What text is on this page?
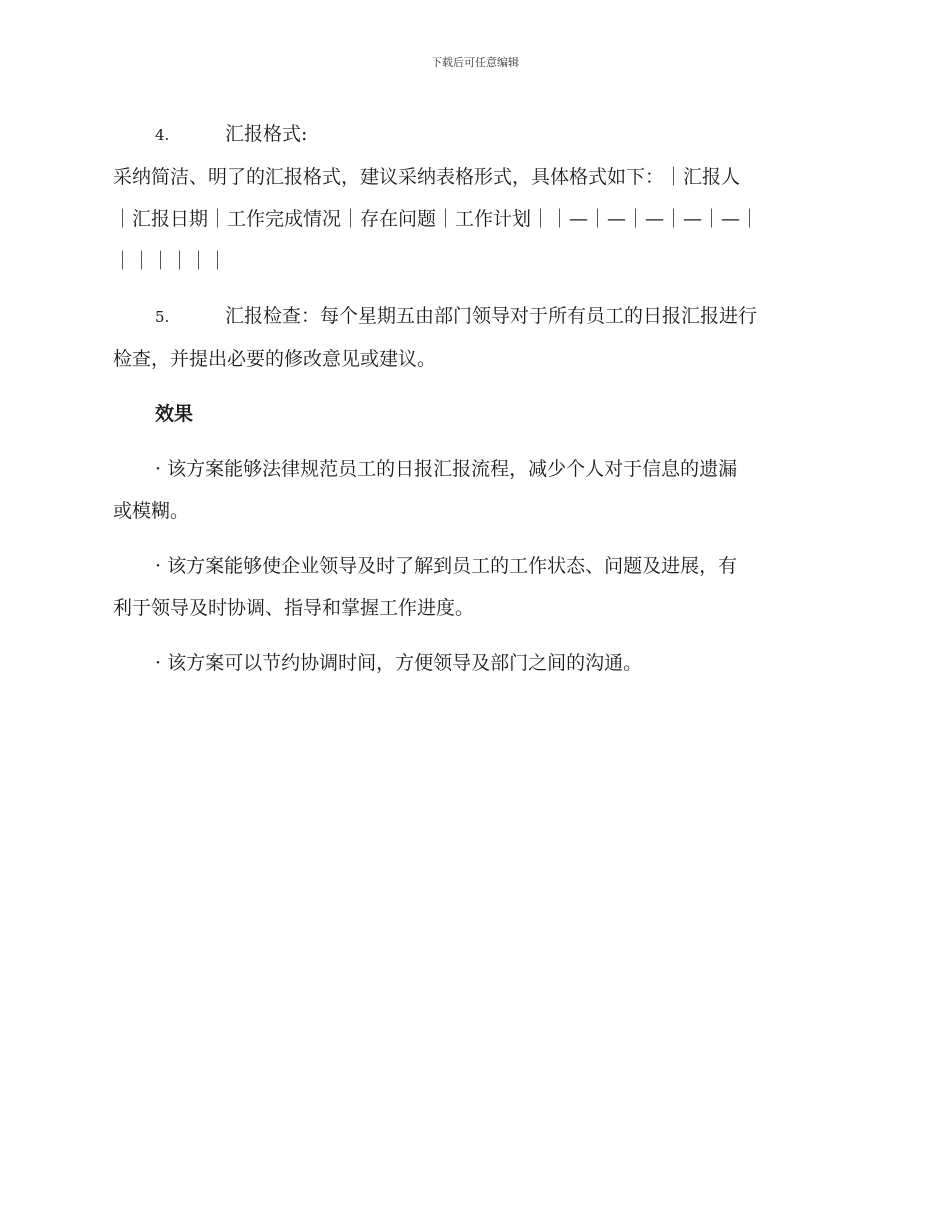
下载后可任意编辑
4.	汇报格式:
采纳简洁、明了的汇报格式，建议采纳表格形式，具体格式如下：｜汇报人
｜汇报日期｜工作完成情况｜存在问题｜工作计划｜｜—｜—｜—｜—｜—｜
｜｜｜｜｜｜
5.	汇报检查：每个星期五由部门领导对于所有员工的日报汇报进行
检查，并提出必要的修改意见或建议。
效果
· 该方案能够法律规范员工的日报汇报流程，减少个人对于信息的遗漏
或模糊。
· 该方案能够使企业领导及时了解到员工的工作状态、问题及进展，有
利于领导及时协调、指导和掌握工作进度。
· 该方案可以节约协调时间，方便领导及部门之间的沟通。
